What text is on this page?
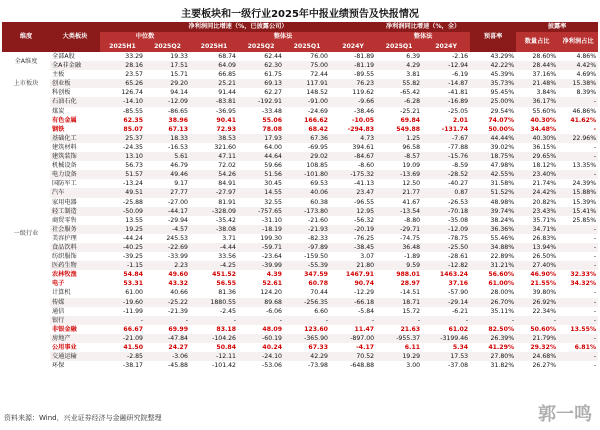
主要板块和一级行业2025年中报业绩预告及快报情况
维度	大类板块	净利润同比增速（%，已披露公司）						净利润同比增速（%，全）		预喜率	披露率	
		中位数		整体法				整体法			数量占比	净利润占比
		2025H1	2025Q2	2025H1	2025Q2	2025Q1	2024Y	2025Q1	2024Y			
全A维度	全部A股	33.29	19.33	68.74	62.44	76.00	-81.89	6.39	-2.16	43.29%	28.60%	4.86%
	全A非金融	28.16	17.51	64.09	62.30	75.00	-81.19	4.29	-12.94	42.22%	28.44%	4.42%
上市板块	主板	23.57	15.71	66.85	61.75	72.44	-89.55	3.81	-6.19	45.39%	37.16%	4.69%
	创业板	65.26	29.20	25.21	69.13	117.91	76.23	55.82	-14.87	35.73%	21.48%	15.38%
	科创板	126.74	94.14	91.44	62.27	148.52	119.62	-65.42	-41.81	95.45%	3.84%	8.39%
一级行业	石油石化	-14.10	-12.09	-83.81	-192.91	-91.00	-9.66	-6.28	-16.89	25.00%	36.17%	-
	煤炭	-85.55	-86.65	-36.95	-33.48	-24.69	-38.46	-25.21	-25.05	29.54%	55.60%	46.86%
	有色金属	62.35	38.96	90.41	55.06	166.62	-10.05	69.84	2.01	74.07%	40.30%	41.62%
	钢铁	85.07	67.13	72.93	78.08	68.42	-294.83	549.88	-131.74	50.00%	34.48%	-
	基础化工	25.37	18.33	38.53	17.93	67.36	4.73	1.25	-7.67	44.44%	40.30%	22.96%
	建筑材料	-24.35	-16.53	321.60	64.00	-69.95	394.61	96.58	-77.88	39.02%	36.15%	-
	建筑装饰	13.10	5.61	47.11	44.64	29.02	-84.67	-8.57	-15.76	18.75%	29.65%	-
	机械设备	56.73	46.79	72.02	59.66	108.85	-8.60	19.09	-8.59	47.98%	18.12%	13.35%
	电力设备	51.57	49.46	54.26	51.56	-101.80	-175.32	-13.69	-28.52	42.55%	23.40%	-
	国防军工	-13.24	9.17	84.91	30.45	69.53	-41.13	12.50	-40.27	31.58%	21.74%	24.39%
	汽车	49.51	27.77	-27.97	14.55	40.06	23.47	21.77	0.87	51.52%	24.42%	15.88%
	家用电器	-25.88	-27.00	81.91	32.55	60.38	-96.55	41.67	-26.53	48.98%	20.82%	15.39%
	轻工制造	-50.09	-44.17	-328.09	-757.65	-173.80	12.95	-13.54	-70.18	39.74%	23.43%	15.41%
	商贸零售	13.55	-29.94	-35.42	-31.10	-21.60	-56.32	-8.80	-35.08	38.24%	35.71%	25.85%
	社会服务	19.25	-4.57	-38.08	-18.19	-21.93	-20.19	-29.71	-12.09	36.36%	34.71%	-
	美容护理	-44.24	245.53	3.71	199.30	-82.33	-76.25	-74.75	-78.75	55.46%	26.83%	-
	食品饮料	-40.25	-22.69	-4.44	-59.71	-97.89	-38.45	36.48	-25.50	34.88%	13.94%	-
	纺织服饰	-39.25	-33.99	33.56	-23.64	-159.50	3.07	-1.89	-28.61	22.89%	26.50%	-
	医药生物	-1.15	2.23	-4.25	-39.99	-55.39	21.80	9.59	-12.82	31.21%	27.40%	-
	农林牧渔	54.84	49.60	451.52	4.39	347.59	1467.91	988.01	1463.24	56.60%	46.90%	32.33%
	电子	53.31	43.32	56.55	52.61	60.78	90.74	28.97	37.16	61.00%	21.55%	34.32%
	计算机	61.00	40.66	81.36	124.20	70.44	-12.29	-14.51	-57.90	28.00%	39.80%	-
	传媒	-19.60	-25.22	1880.55	89.68	-256.35	-66.18	18.71	-29.14	26.70%	26.92%	-
	通信	-11.99	-21.39	-2.45	-6.06	6.60	-5.84	15.72	-6.21	35.11%	22.34%	-
	银行	-	-	-	-	-	-	-	-	-	-	-
	非银金融	66.67	69.99	83.18	48.09	123.60	11.47	21.63	61.02	82.50%	50.60%	13.55%
	房地产	-21.09	-47.84	-104.26	-60.19	-365.90	-897.00	-955.37	-3199.46	26.39%	21.79%	-
	公用事业	41.50	24.27	50.84	40.24	67.33	-4.17	6.11	5.34	41.29%	29.32%	6.81%
	交通运输	-2.85	-3.06	-12.11	-24.10	42.29	70.52	19.29	17.53	27.80%	24.68%	-
	环保	-38.17	-45.88	-101.42	-53.06	-73.98	-648.88	3.00	-37.08	31.82%	26.27%	-
资料来源：Wind，兴业证券经济与金融研究院整理	郭一鸣
